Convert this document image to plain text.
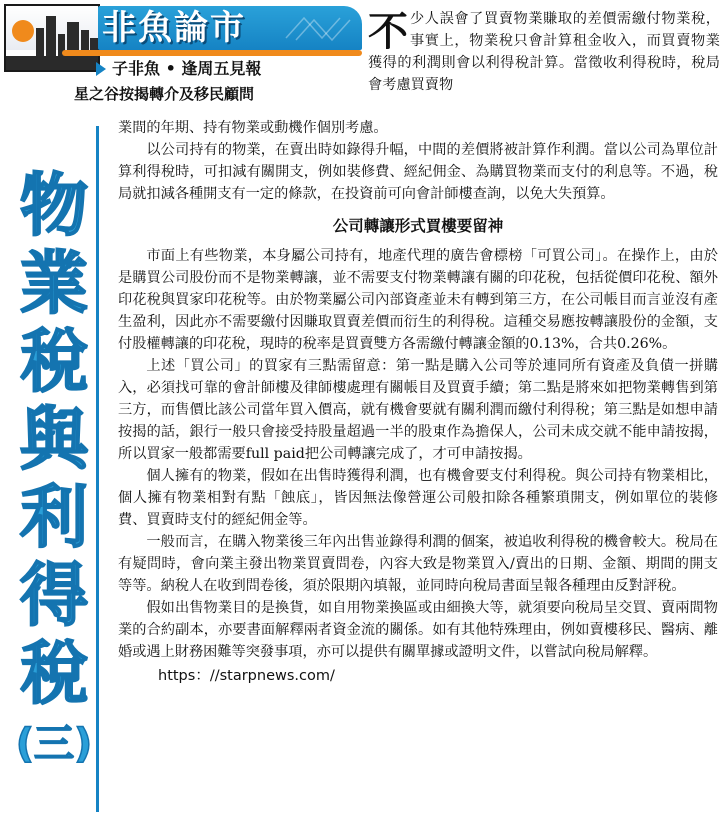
非魚論市
子非魚 • 逢周五見報
星之谷按揭轉介及移民顧問
不 少人誤會了買賣物業賺取的差價需繳付物業稅，事實上，物業稅只會計算租金收入，而買賣物業獲得的利潤則會以利得稅計算。當徵收利得稅時，稅局會考慮買賣物
物
業
稅
與
利
得
稅
(三)

業間的年期、持有物業或動機作個別考慮。

以公司持有的物業，在賣出時如錄得升幅，中間的差價將被計算作利潤。當以公司為單位計算利得稅時，可扣減有關開支，例如裝修費、經紀佣金、為購買物業而支付的利息等。不過，稅局就扣減各種開支有一定的條款，在投資前可向會計師樓查詢，以免大失預算。

公司轉讓形式買樓要留神

市面上有些物業，本身屬公司持有，地產代理的廣告會標榜「可買公司」。在操作上，由於是購買公司股份而不是物業轉讓，並不需要支付物業轉讓有關的印花稅，包括從價印花稅、額外印花稅與買家印花稅等。由於物業屬公司內部資產並未有轉到第三方，在公司帳目而言並沒有產生盈利，因此亦不需要繳付因賺取買賣差價而衍生的利得稅。這種交易應按轉讓股份的金額，支付股權轉讓的印花稅，現時的稅率是買賣雙方各需繳付轉讓金額的0.13%，合共0.26%。

上述「買公司」的買家有三點需留意：第一點是購入公司等於連同所有資產及負債一拼購入，必須找可靠的會計師樓及律師樓處理有關帳目及買賣手續；第二點是將來如把物業轉售到第三方，而售價比該公司當年買入價高，就有機會要就有關利潤而繳付利得稅；第三點是如想申請按揭的話，銀行一般只會接受持股量超過一半的股東作為擔保人，公司未成交就不能申請按揭，所以買家一般都需要full paid把公司轉讓完成了，才可申請按揭。

個人擁有的物業，假如在出售時獲得利潤，也有機會要支付利得稅。與公司持有物業相比，個人擁有物業相對有點「蝕底」，皆因無法像營運公司般扣除各種繁瑣開支，例如單位的裝修費、買賣時支付的經紀佣金等。

一般而言，在購入物業後三年內出售並錄得利潤的個案，被追收利得稅的機會較大。稅局在有疑問時，會向業主發出物業買賣問卷，內容大致是物業買入/賣出的日期、金額、期間的開支等等。納稅人在收到問卷後，須於限期內填報，並同時向稅局書面呈報各種理由反對評稅。

假如出售物業目的是換貨，如自用物業換區或由細換大等，就須要向稅局呈交買、賣兩間物業的合約副本，亦要書面解釋兩者資金流的關係。如有其他特殊理由，例如賣樓移民、醫病、離婚或遇上財務困難等突發事項，亦可以提供有關單據或證明文件，以嘗試向稅局解釋。

https：//starpnews.com/
